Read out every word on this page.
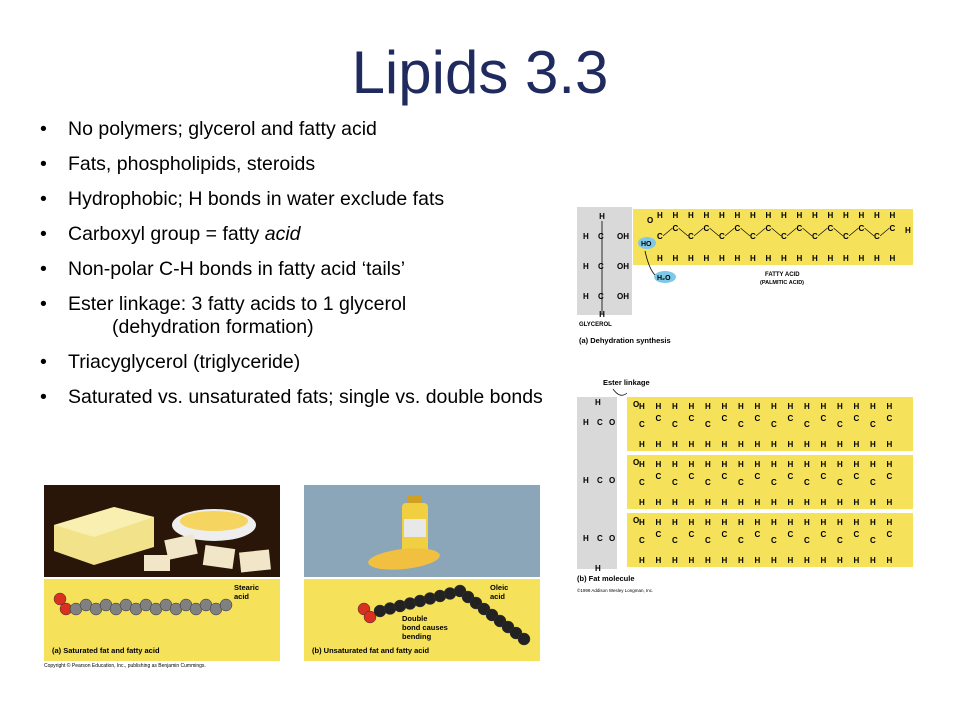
Lipids 3.3
• No polymers; glycerol and fatty acid
• Fats, phospholipids, steroids
• Hydrophobic; H bonds in water exclude fats
• Carboxyl group = fatty acid
• Non-polar C-H bonds in fatty acid ‘tails’
• Ester linkage: 3 fatty acids to 1 glycerol
(dehydration formation)
• Triacyglycerol (triglyceride)
• Saturated vs. unsaturated fats; single vs. double bonds
H
H C OH
H C OH
H C OH
H
O
HO
H₂O
C
H
H
C
H
H
C
H
H
C
H
H
C
H
H
C
H
H
C
H
H
C
H
H
C
H
H
C
H
H
C
H
H
C
H
H
C
H
H
C
H
H
C
H
H
C
H
H
H
FATTY ACID
(PALMITIC ACID)
GLYCEROL
(a) Dehydration synthesis
Ester linkage
H C O
O
C
H
H
C
H
H
C
H
H
C
H
H
C
H
H
C
H
H
C
H
H
C
H
H
C
H
H
C
H
H
C
H
H
C
H
H
C
H
H
C
H
H
C
H
H
C
H
H
H C O
O
C
H
H
C
H
H
C
H
H
C
H
H
C
H
H
C
H
H
C
H
H
C
H
H
C
H
H
C
H
H
C
H
H
C
H
H
C
H
H
C
H
H
C
H
H
C
H
H
H C O
O
C
H
H
C
H
H
C
H
H
C
H
H
C
H
H
C
H
H
C
H
H
C
H
H
C
H
H
C
H
H
C
H
H
C
H
H
C
H
H
C
H
H
C
H
H
C
H
H
H
H
(b) Fat molecule
©1999 Addison Wesley Longman, Inc.
Stearic
acid
(a) Saturated fat and fatty acid
Copyright © Pearson Education, Inc., publishing as Benjamin Cummings.
Oleic
acid
Double
bond causes
bending
(b) Unsaturated fat and fatty acid
